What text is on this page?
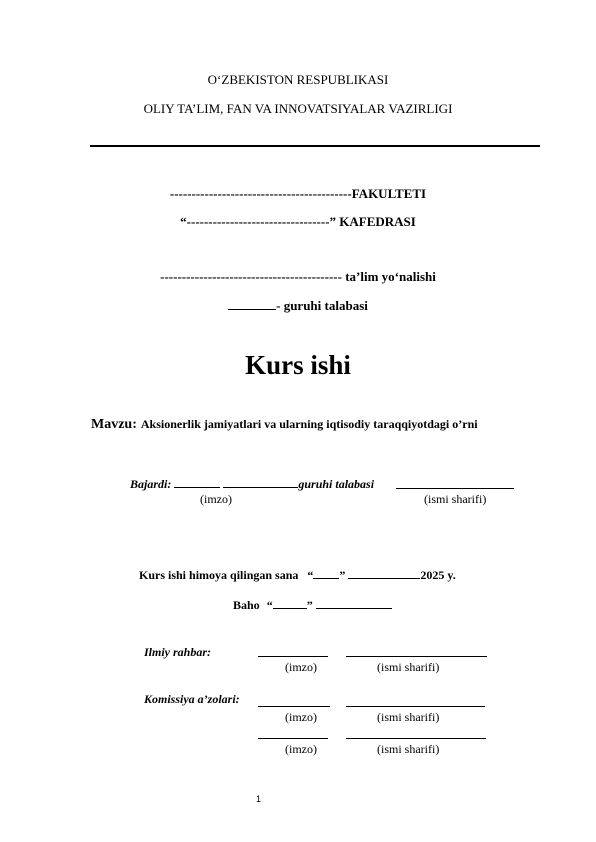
O‘ZBEKISTON RESPUBLIKASI
OLIY TA’LIM, FAN VA INNOVATSIYALAR VAZIRLIGI
------------------------------------------FAKULTETI
“---------------------------------” KAFEDRASI
------------------------------------------ ta’lim yo‘nalishi
- guruhi talabasi
Kurs ishi
Mavzu: Aksionerlik jamiyatlari va ularning iqtisodiy taraqqiyotdagi o’rni
Bajardi:	guruhi talabasi
(imzo)	(ismi sharifi)
Kurs ishi himoya qilingan sana “ ”	2025 y.
Baho “	”
Ilmiy rahbar:
(imzo)	(ismi sharifi)
Komissiya a’zolari:
(imzo)	(ismi sharifi)
(imzo)	(ismi sharifi)
1
